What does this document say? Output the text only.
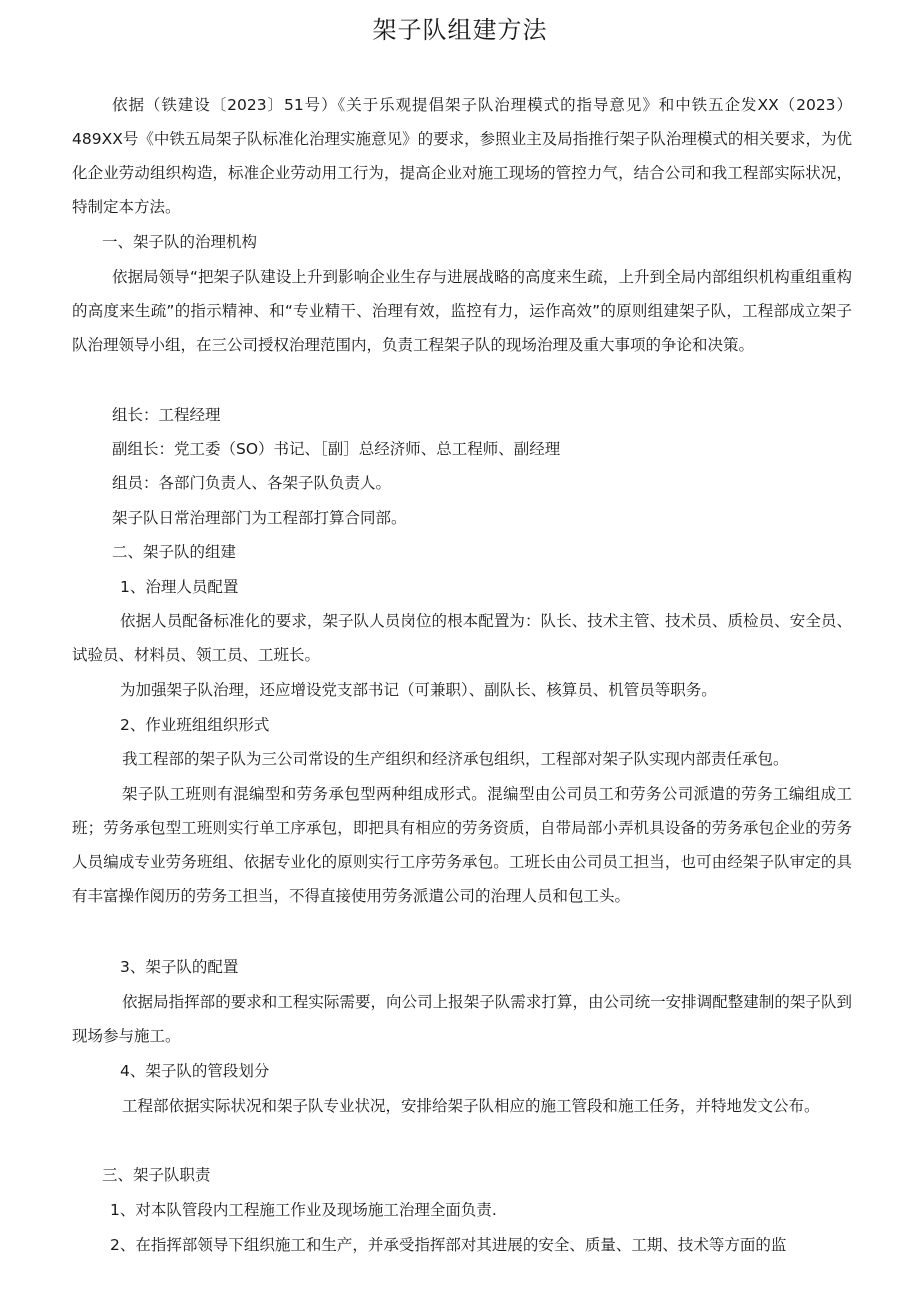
架子队组建方法

依据（铁建设〔2023〕51号）《关于乐观提倡架子队治理模式的指导意见》和中铁五企发XX（2023）489XX号《中铁五局架子队标准化治理实施意见》的要求，参照业主及局指推行架子队治理模式的相关要求，为优化企业劳动组织构造，标准企业劳动用工行为，提高企业对施工现场的管控力气，结合公司和我工程部实际状况，特制定本方法。

一、架子队的治理机构

依据局领导“把架子队建设上升到影响企业生存与进展战略的高度来生疏，上升到全局内部组织机构重组重构的高度来生疏”的指示精神、和“专业精干、治理有效，监控有力，运作高效”的原则组建架子队，工程部成立架子队治理领导小组，在三公司授权治理范围内，负责工程架子队的现场治理及重大事项的争论和决策。

组长：工程经理

副组长：党工委（SO）书记、［副］总经济师、总工程师、副经理

组员：各部门负责人、各架子队负责人。

架子队日常治理部门为工程部打算合同部。

二、架子队的组建

1、治理人员配置

依据人员配备标准化的要求，架子队人员岗位的根本配置为：队长、技术主管、技术员、质检员、安全员、试验员、材料员、领工员、工班长。

为加强架子队治理，还应增设党支部书记（可兼职）、副队长、核算员、机管员等职务。

2、作业班组组织形式

我工程部的架子队为三公司常设的生产组织和经济承包组织，工程部对架子队实现内部责任承包。

架子队工班则有混编型和劳务承包型两种组成形式。混编型由公司员工和劳务公司派遣的劳务工编组成工班；劳务承包型工班则实行单工序承包，即把具有相应的劳务资质，自带局部小弄机具设备的劳务承包企业的劳务人员编成专业劳务班组、依据专业化的原则实行工序劳务承包。工班长由公司员工担当，也可由经架子队审定的具有丰富操作阅历的劳务工担当，不得直接使用劳务派遣公司的治理人员和包工头。

3、架子队的配置

依据局指挥部的要求和工程实际需要，向公司上报架子队需求打算，由公司统一安排调配整建制的架子队到现场参与施工。

4、架子队的管段划分

工程部依据实际状况和架子队专业状况，安排给架子队相应的施工管段和施工任务，并特地发文公布。

三、架子队职责

1、对本队管段内工程施工作业及现场施工治理全面负责.

2、在指挥部领导下组织施工和生产，并承受指挥部对其进展的安全、质量、工期、技术等方面的监
